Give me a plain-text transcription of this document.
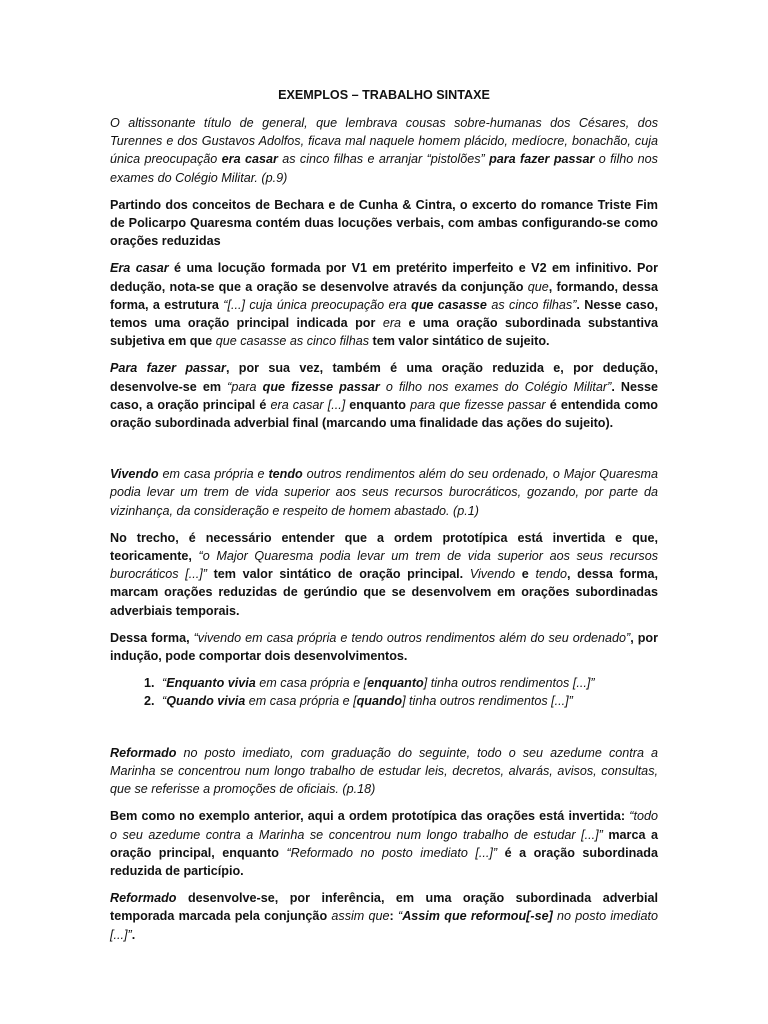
EXEMPLOS – TRABALHO SINTAXE

O altissonante título de general, que lembrava cousas sobre-humanas dos Césares, dos Turennes e dos Gustavos Adolfos, ficava mal naquele homem plácido, medíocre, bonachão, cuja única preocupação era casar as cinco filhas e arranjar “pistolões” para fazer passar o filho nos exames do Colégio Militar. (p.9)

Partindo dos conceitos de Bechara e de Cunha & Cintra, o excerto do romance Triste Fim de Policarpo Quaresma contém duas locuções verbais, com ambas configurando-se como orações reduzidas

Era casar é uma locução formada por V1 em pretérito imperfeito e V2 em infinitivo. Por dedução, nota-se que a oração se desenvolve através da conjunção que, formando, dessa forma, a estrutura “[...] cuja única preocupação era que casasse as cinco filhas”. Nesse caso, temos uma oração principal indicada por era e uma oração subordinada substantiva subjetiva em que que casasse as cinco filhas tem valor sintático de sujeito.

Para fazer passar, por sua vez, também é uma oração reduzida e, por dedução, desenvolve-se em “para que fizesse passar o filho nos exames do Colégio Militar”. Nesse caso, a oração principal é era casar [...] enquanto para que fizesse passar é entendida como oração subordinada adverbial final (marcando uma finalidade das ações do sujeito).

Vivendo em casa própria e tendo outros rendimentos além do seu ordenado, o Major Quaresma podia levar um trem de vida superior aos seus recursos burocráticos, gozando, por parte da vizinhança, da consideração e respeito de homem abastado. (p.1)

No trecho, é necessário entender que a ordem prototípica está invertida e que, teoricamente, “o Major Quaresma podia levar um trem de vida superior aos seus recursos burocráticos [...]” tem valor sintático de oração principal. Vivendo e tendo, dessa forma, marcam orações reduzidas de gerúndio que se desenvolvem em orações subordinadas adverbiais temporais.

Dessa forma, “vivendo em casa própria e tendo outros rendimentos além do seu ordenado”, por indução, pode comportar dois desenvolvimentos.

1. “Enquanto vivia em casa própria e [enquanto] tinha outros rendimentos [...]”
2. “Quando vivia em casa própria e [quando] tinha outros rendimentos [...]”

Reformado no posto imediato, com graduação do seguinte, todo o seu azedume contra a Marinha se concentrou num longo trabalho de estudar leis, decretos, alvarás, avisos, consultas, que se referisse a promoções de oficiais. (p.18)

Bem como no exemplo anterior, aqui a ordem prototípica das orações está invertida: “todo o seu azedume contra a Marinha se concentrou num longo trabalho de estudar [...]” marca a oração principal, enquanto “Reformado no posto imediato [...]” é a oração subordinada reduzida de particípio.

Reformado desenvolve-se, por inferência, em uma oração subordinada adverbial temporada marcada pela conjunção assim que: “Assim que reformou[-se] no posto imediato [...]”.
